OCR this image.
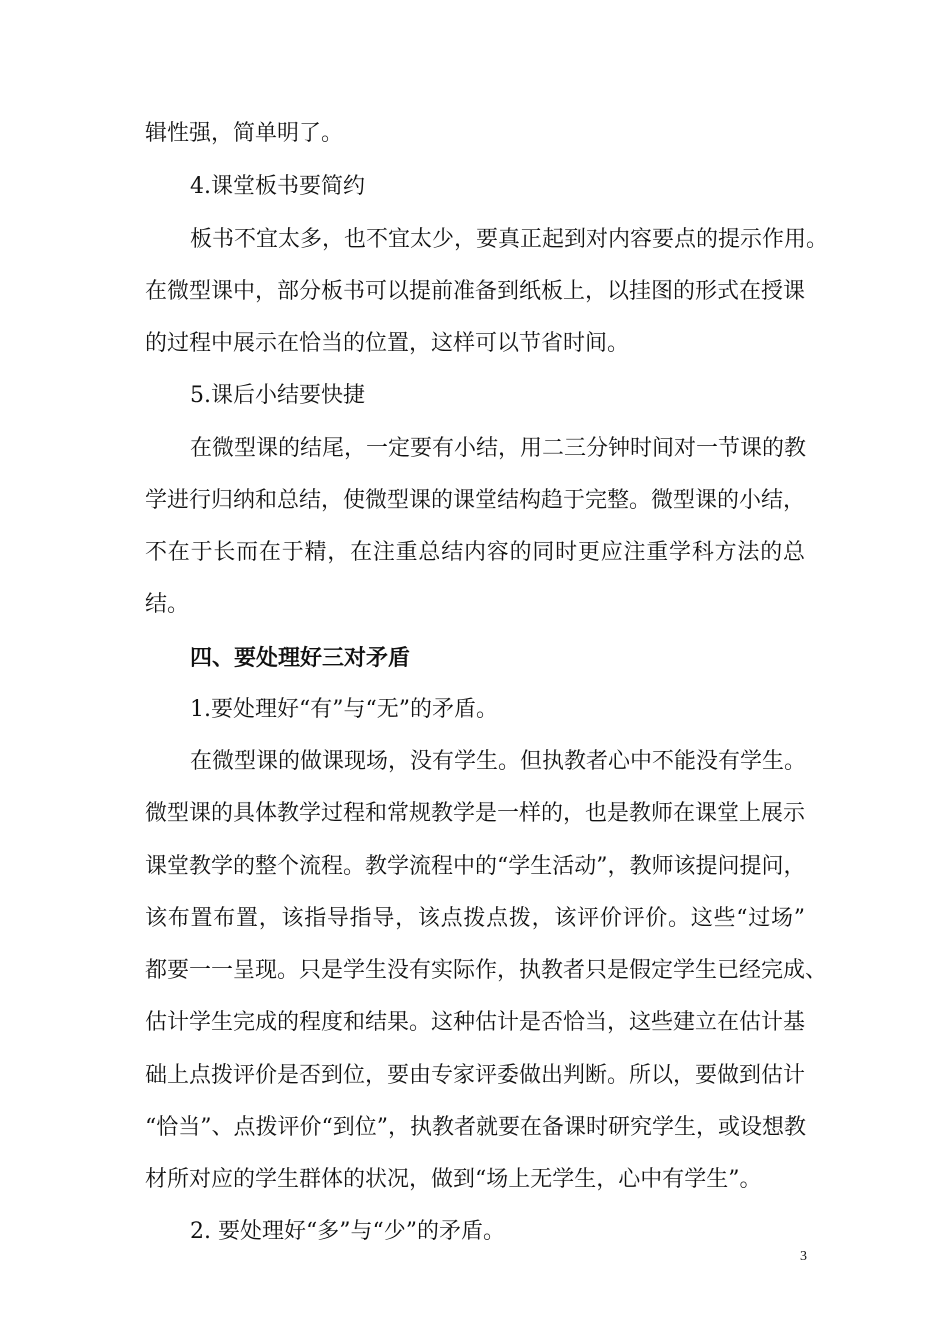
辑性强，简单明了。
4.课堂板书要简约
板书不宜太多，也不宜太少，要真正起到对内容要点的提示作用。
在微型课中，部分板书可以提前准备到纸板上，以挂图的形式在授课
的过程中展示在恰当的位置，这样可以节省时间。
5.课后小结要快捷
在微型课的结尾，一定要有小结，用二三分钟时间对一节课的教
学进行归纳和总结，使微型课的课堂结构趋于完整。微型课的小结，
不在于长而在于精，在注重总结内容的同时更应注重学科方法的总
结。
四、要处理好三对矛盾
1.要处理好“有”与“无”的矛盾。
在微型课的做课现场，没有学生。但执教者心中不能没有学生。
微型课的具体教学过程和常规教学是一样的，也是教师在课堂上展示
课堂教学的整个流程。教学流程中的“学生活动”，教师该提问提问，
该布置布置，该指导指导，该点拨点拨，该评价评价。这些“过场”
都要一一呈现。只是学生没有实际作，执教者只是假定学生已经完成、
估计学生完成的程度和结果。这种估计是否恰当，这些建立在估计基
础上点拨评价是否到位，要由专家评委做出判断。所以，要做到估计
“恰当”、点拨评价“到位”，执教者就要在备课时研究学生，或设想教
材所对应的学生群体的状况，做到“场上无学生，心中有学生”。
2. 要处理好“多”与“少”的矛盾。
3
